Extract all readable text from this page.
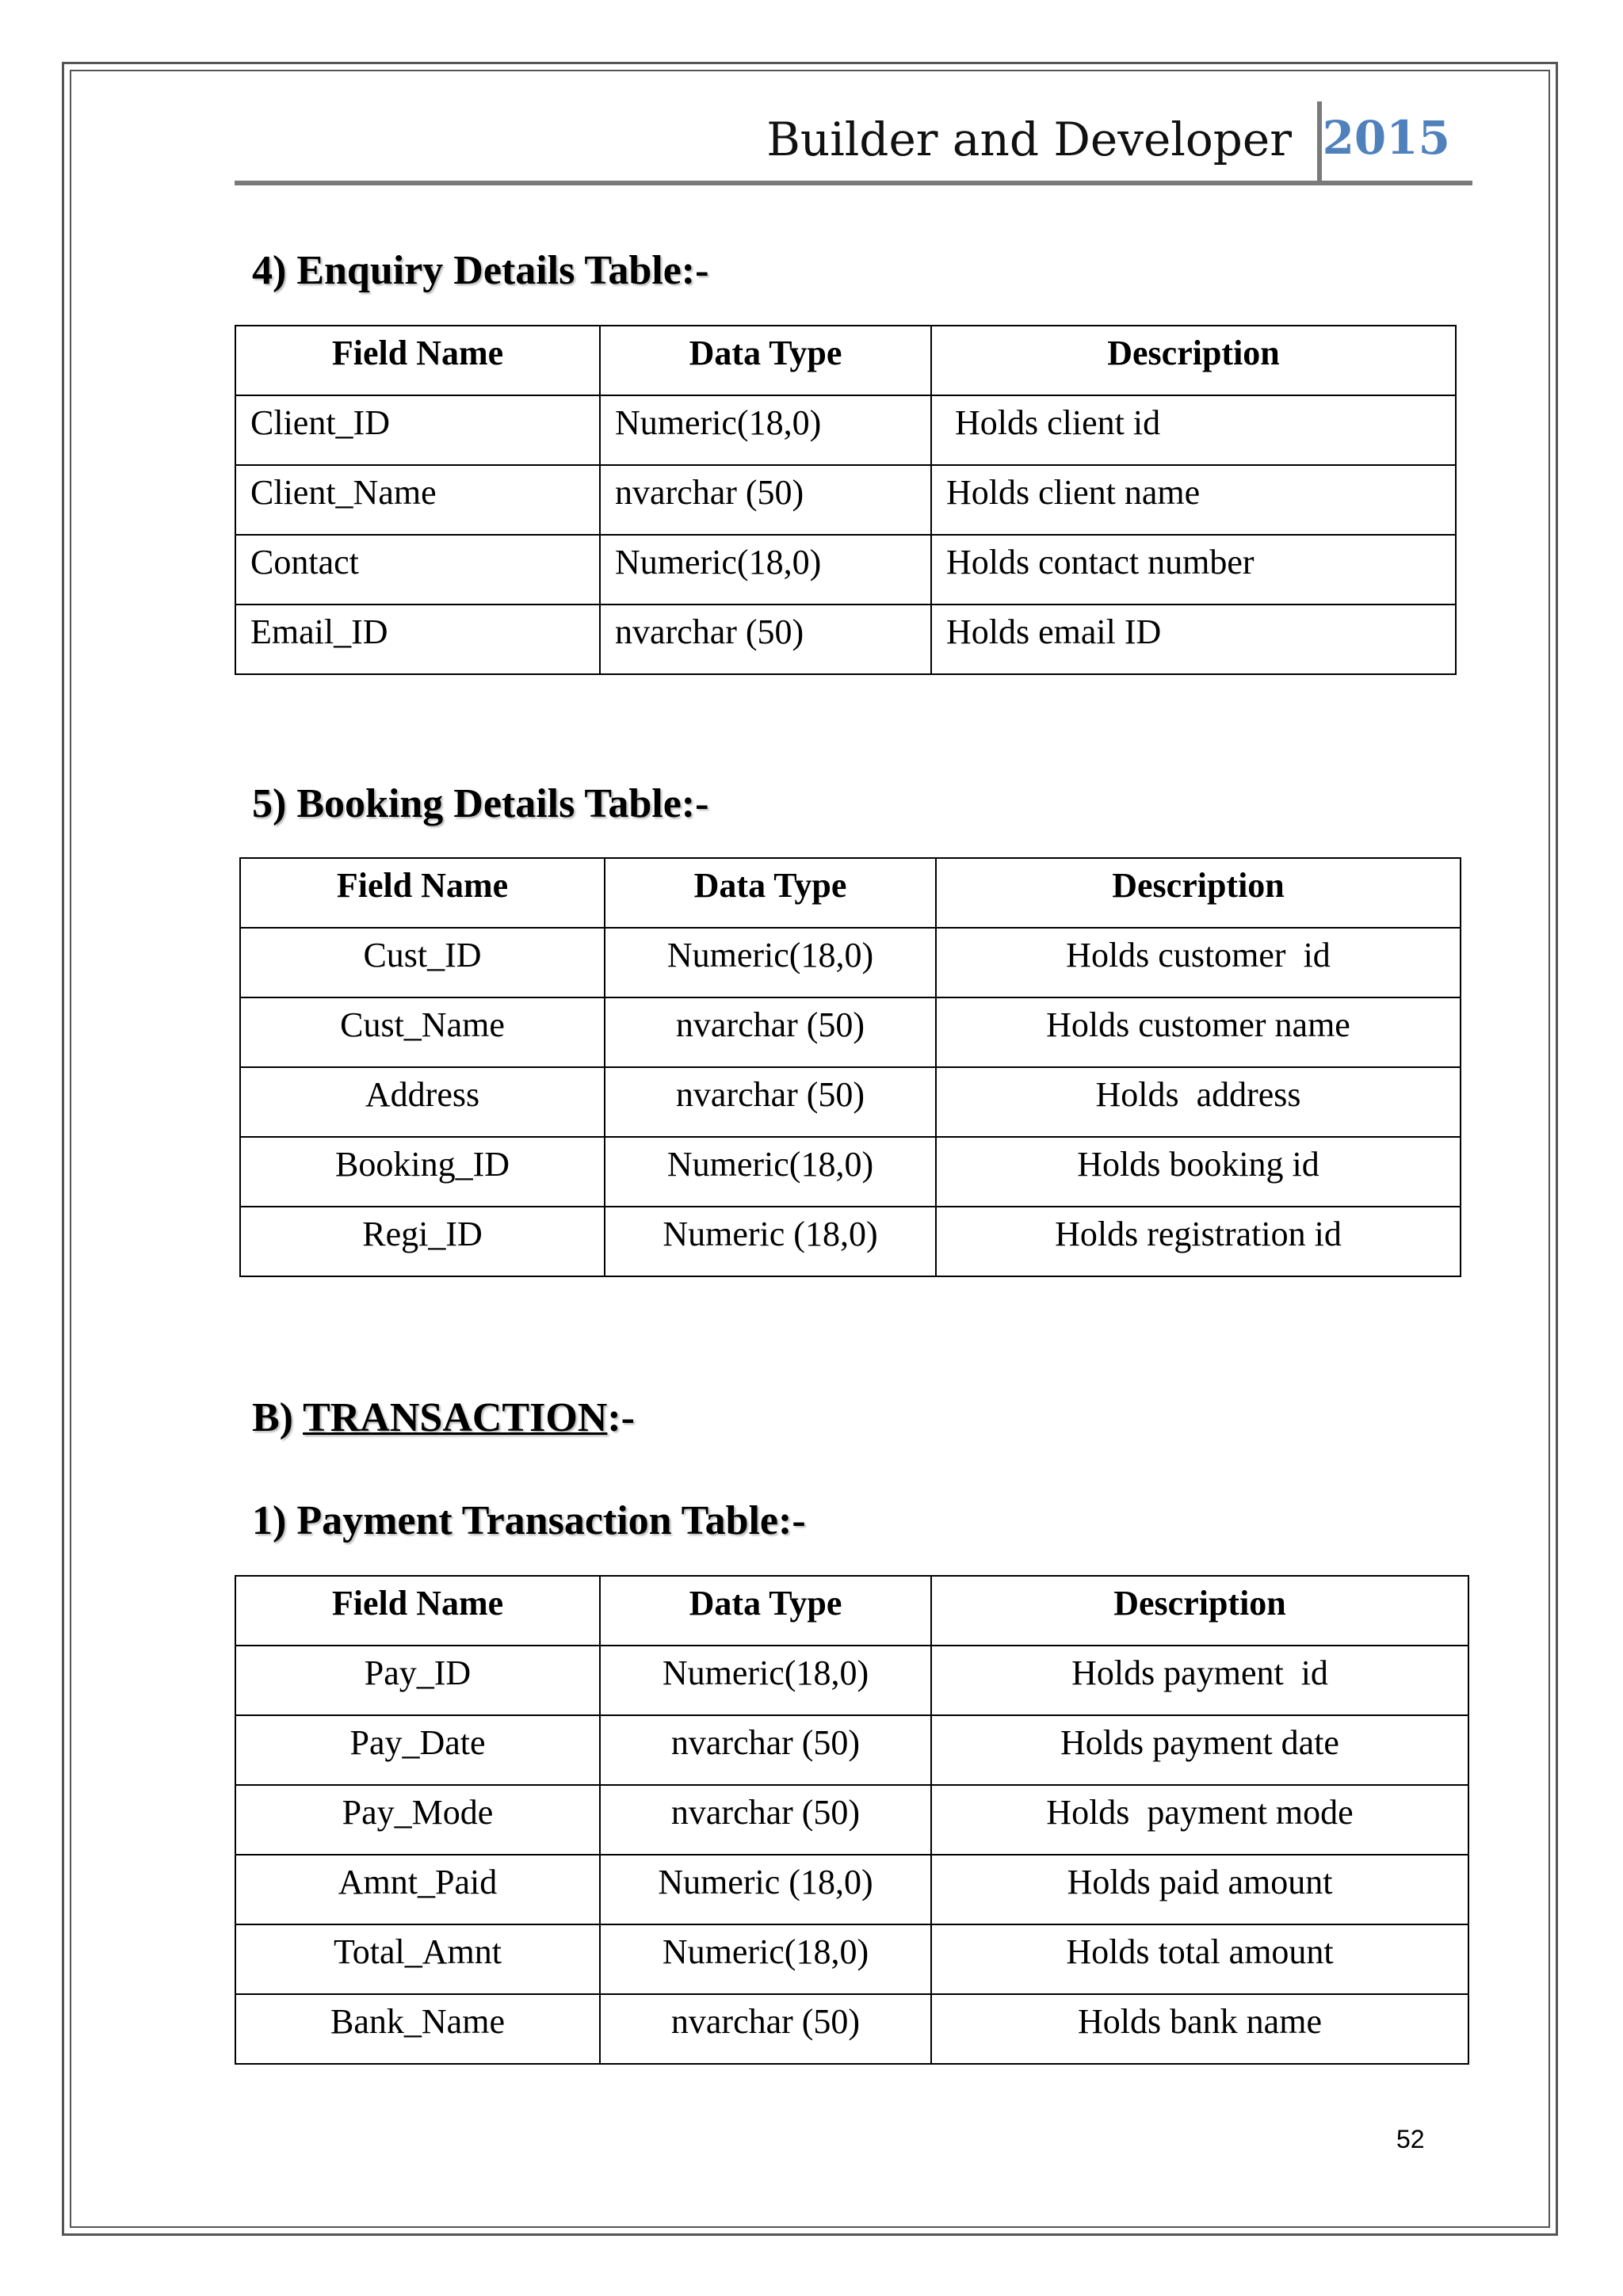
Builder and Developer 2015
4) Enquiry Details Table:-
Field Name	Data Type	Description
Client_ID	Numeric(18,0)	Holds client id
Client_Name	nvarchar (50)	Holds client name
Contact	Numeric(18,0)	Holds contact number
Email_ID	nvarchar (50)	Holds email ID
5) Booking Details Table:-
Field Name	Data Type	Description
Cust_ID	Numeric(18,0)	Holds customer  id
Cust_Name	nvarchar (50)	Holds customer name
Address	nvarchar (50)	Holds  address
Booking_ID	Numeric(18,0)	Holds booking id
Regi_ID	Numeric (18,0)	Holds registration id
B) TRANSACTION:-
1) Payment Transaction Table:-
Field Name	Data Type	Description
Pay_ID	Numeric(18,0)	Holds payment  id
Pay_Date	nvarchar (50)	Holds payment date
Pay_Mode	nvarchar (50)	Holds  payment mode
Amnt_Paid	Numeric (18,0)	Holds paid amount
Total_Amnt	Numeric(18,0)	Holds total amount
Bank_Name	nvarchar (50)	Holds bank name
52
